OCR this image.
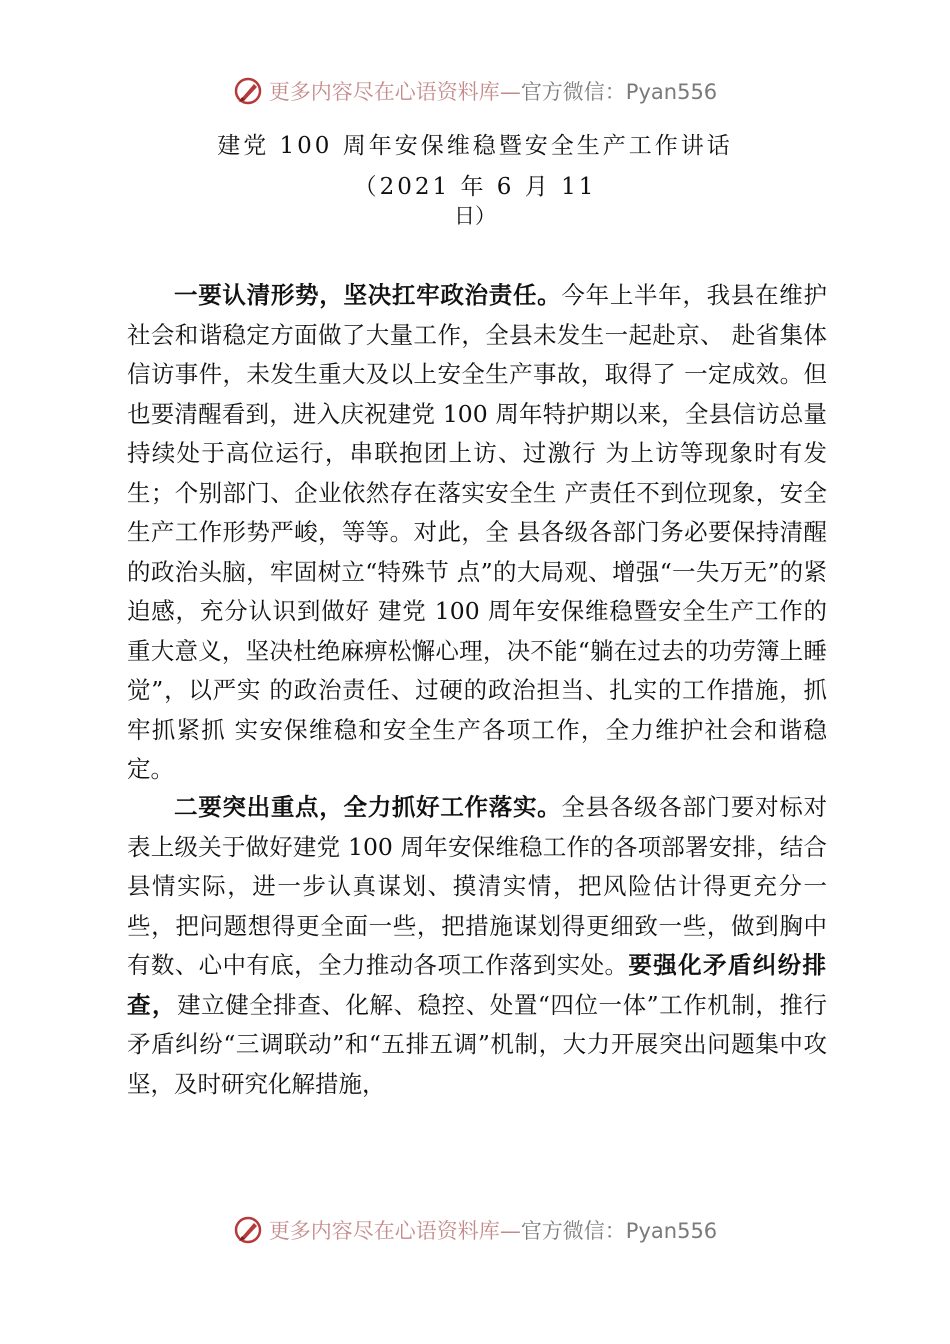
更多内容尽在心语资料库—官方微信：Pyan556
建党 100 周年安保维稳暨安全生产工作讲话
（2021 年 6 月 11
日）

一要认清形势，坚决扛牢政治责任。今年上半年，我县在维护社会和谐稳定方面做了大量工作，全县未发生一起赴京、 赴省集体信访事件，未发生重大及以上安全生产事故，取得了 一定成效。但也要清醒看到，进入庆祝建党 100 周年特护期以来，全县信访总量持续处于高位运行，串联抱团上访、过激行 为上访等现象时有发生；个别部门、企业依然存在落实安全生 产责任不到位现象，安全生产工作形势严峻，等等。对此，全 县各级各部门务必要保持清醒的政治头脑，牢固树立“特殊节 点”的大局观、增强“一失万无”的紧迫感，充分认识到做好 建党 100 周年安保维稳暨安全生产工作的重大意义，坚决杜绝麻痹松懈心理，决不能“躺在过去的功劳簿上睡觉”，以严实 的政治责任、过硬的政治担当、扎实的工作措施，抓牢抓紧抓 实安保维稳和安全生产各项工作，全力维护社会和谐稳定。

二要突出重点，全力抓好工作落实。全县各级各部门要对标对表上级关于做好建党 100 周年安保维稳工作的各项部署安排，结合县情实际，进一步认真谋划、摸清实情，把风险估计得更充分一些，把问题想得更全面一些，把措施谋划得更细致一些，做到胸中有数、心中有底，全力推动各项工作落到实处。要强化矛盾纠纷排查，建立健全排查、化解、稳控、处置“四位一体”工作机制，推行矛盾纠纷“三调联动”和“五排五调”机制，大力开展突出问题集中攻坚，及时研究化解措施，

更多内容尽在心语资料库—官方微信：Pyan556
